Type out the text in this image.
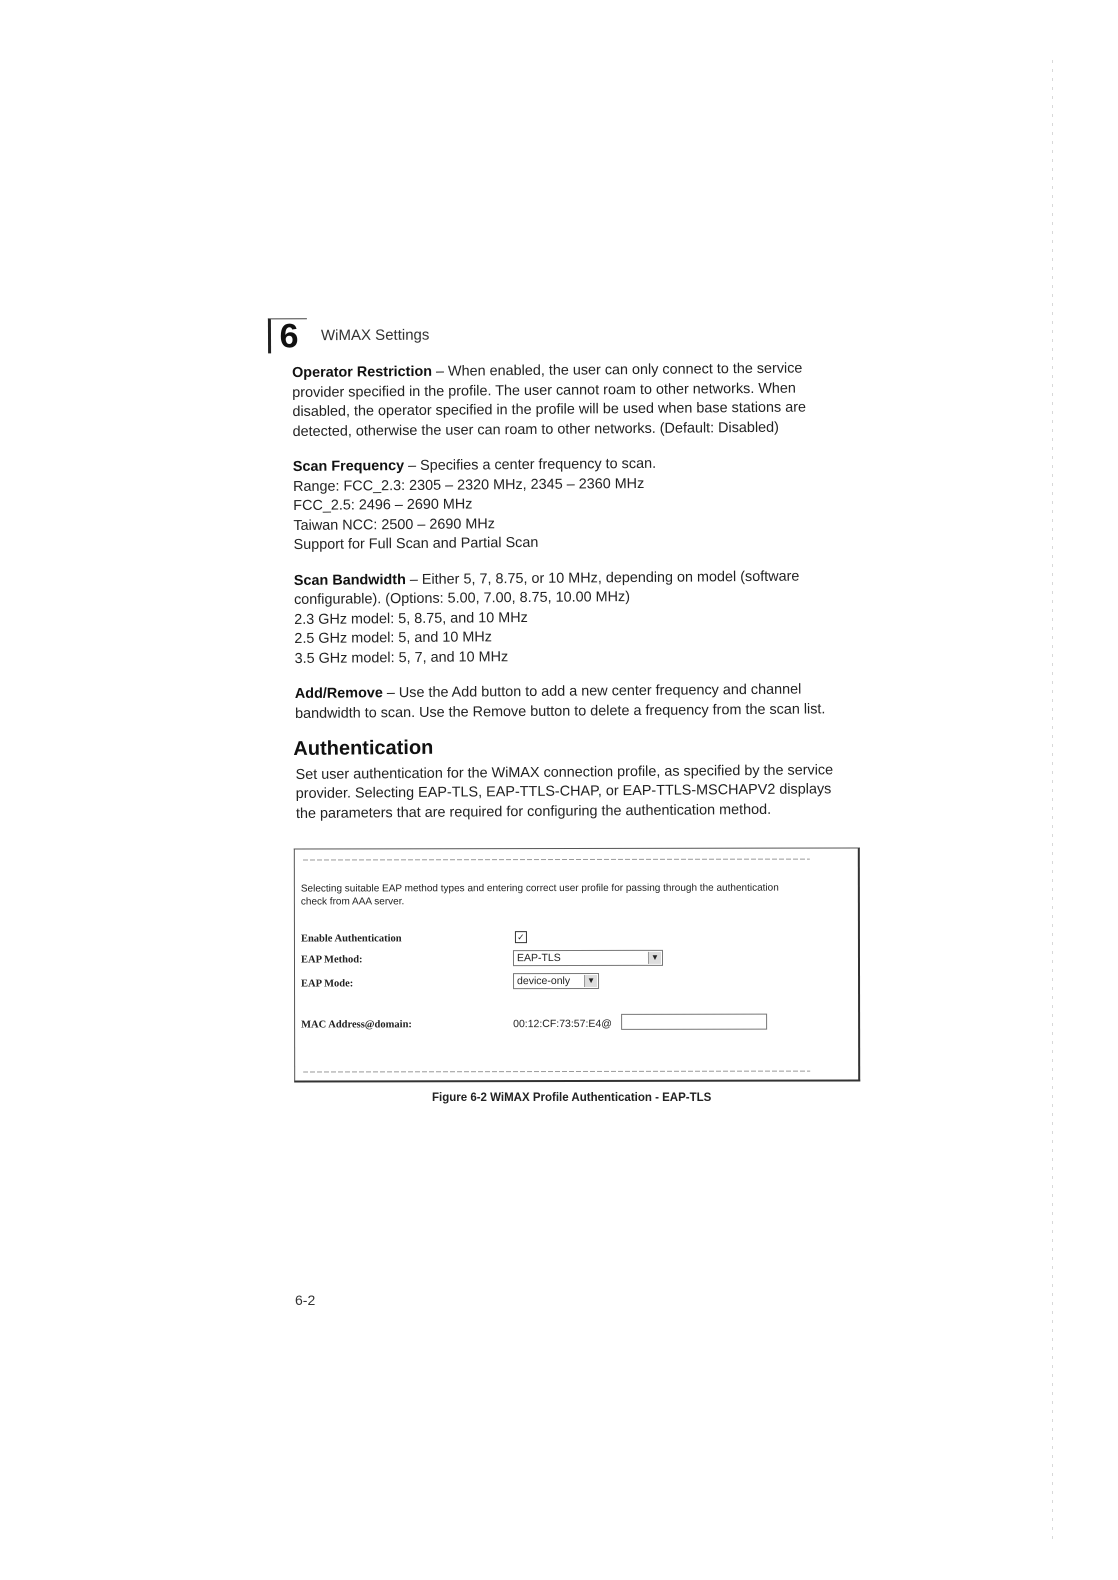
6	WiMAX Settings

Operator Restriction – When enabled, the user can only connect to the service
provider specified in the profile. The user cannot roam to other networks. When
disabled, the operator specified in the profile will be used when base stations are
detected, otherwise the user can roam to other networks. (Default: Disabled)

Scan Frequency – Specifies a center frequency to scan.
Range: FCC_2.3: 2305 – 2320 MHz, 2345 – 2360 MHz
FCC_2.5: 2496 – 2690 MHz
Taiwan NCC: 2500 – 2690 MHz
Support for Full Scan and Partial Scan

Scan Bandwidth – Either 5, 7, 8.75, or 10 MHz, depending on model (software
configurable). (Options: 5.00, 7.00, 8.75, 10.00 MHz)
2.3 GHz model: 5, 8.75, and 10 MHz
2.5 GHz model: 5, and 10 MHz
3.5 GHz model: 5, 7, and 10 MHz

Add/Remove – Use the Add button to add a new center frequency and channel
bandwidth to scan. Use the Remove button to delete a frequency from the scan list.

Authentication

Set user authentication for the WiMAX connection profile, as specified by the service
provider. Selecting EAP-TLS, EAP-TTLS-CHAP, or EAP-TTLS-MSCHAPV2 displays
the parameters that are required for configuring the authentication method.

Selecting suitable EAP method types and entering correct user profile for passing through the authentication
check from AAA server.
Enable Authentication	✓
EAP Method:	EAP-TLS	▼
EAP Mode:	device-only	▼
MAC Address@domain:	00:12:CF:73:57:E4@
Figure 6-2 WiMAX Profile Authentication - EAP-TLS
6-2
